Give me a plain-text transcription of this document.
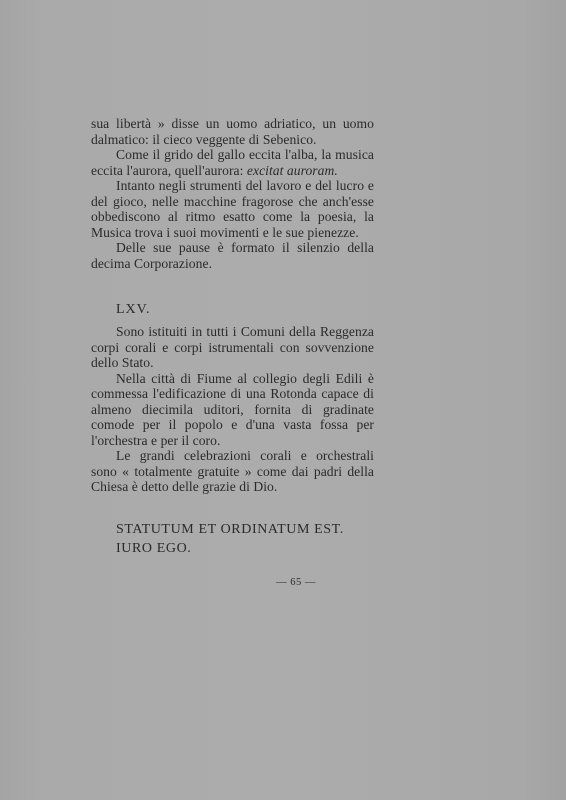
sua libertà » disse un uomo adriatico, un uomo dalmatico: il cieco veggente di Sebenico.

Come il grido del gallo eccita l'alba, la musica eccita l'aurora, quell'aurora: excitat auroram.

Intanto negli strumenti del lavoro e del lucro e del gioco, nelle macchine fragorose che anch'esse obbediscono al ritmo esatto come la poesia, la Musica trova i suoi movimenti e le sue pienezze.

Delle sue pause è formato il silenzio della decima Corporazione.

LXV.

Sono istituiti in tutti i Comuni della Reggenza corpi corali e corpi istrumentali con sovvenzione dello Stato.

Nella città di Fiume al collegio degli Edili è commessa l'edificazione di una Rotonda capace di almeno diecimila uditori, fornita di gradinate comode per il popolo e d'una vasta fossa per l'orchestra e per il coro.

Le grandi celebrazioni corali e orchestrali sono « totalmente gratuite » come dai padri della Chiesa è detto delle grazie di Dio.

STATUTUM ET ORDINATUM EST.
IURO EGO.
— 65 —
